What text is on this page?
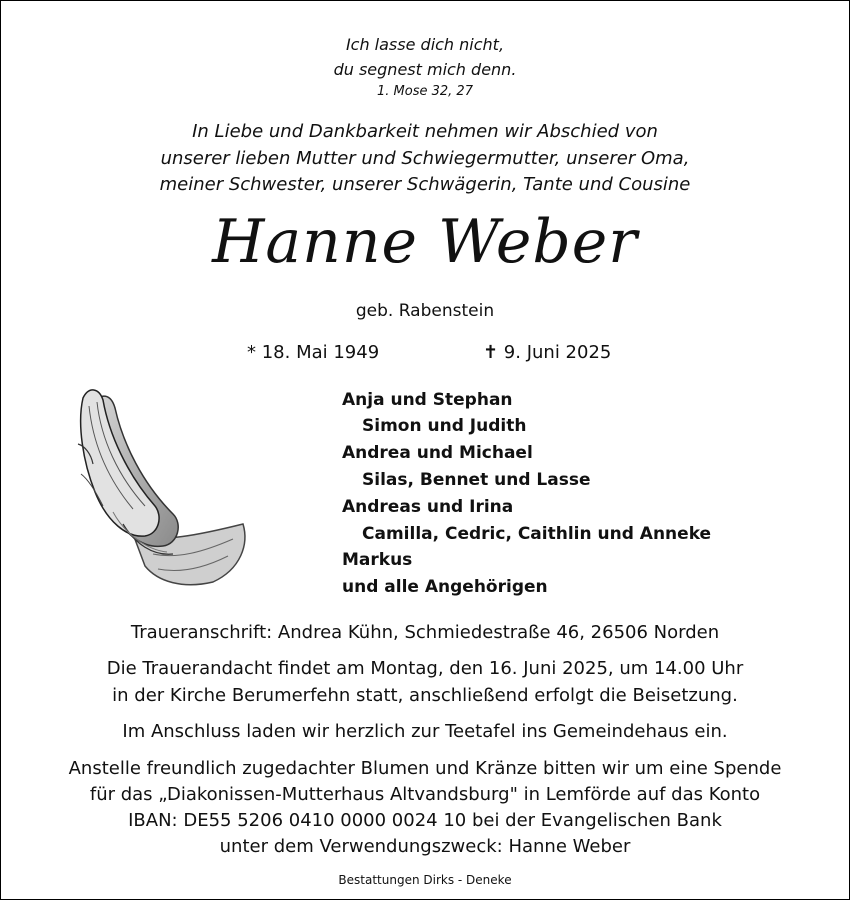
Ich lasse dich nicht,
du segnest mich denn.
1. Mose 32, 27
In Liebe und Dankbarkeit nehmen wir Abschied von
unserer lieben Mutter und Schwiegermutter, unserer Oma,
meiner Schwester, unserer Schwägerin, Tante und Cousine
Hanne Weber
geb. Rabenstein
* 18. Mai 1949	✝ 9. Juni 2025
Anja und Stephan
Simon und Judith
Andrea und Michael
Silas, Bennet und Lasse
Andreas und Irina
Camilla, Cedric, Caithlin und Anneke
Markus
und alle Angehörigen
Traueranschrift: Andrea Kühn, Schmiedestraße 46, 26506 Norden
Die Trauerandacht findet am Montag, den 16. Juni 2025, um 14.00 Uhr
in der Kirche Berumerfehn statt, anschließend erfolgt die Beisetzung.
Im Anschluss laden wir herzlich zur Teetafel ins Gemeindehaus ein.
Anstelle freundlich zugedachter Blumen und Kränze bitten wir um eine Spende
für das „Diakonissen-Mutterhaus Altvandsburg" in Lemförde auf das Konto
IBAN: DE55 5206 0410 0000 0024 10 bei der Evangelischen Bank
unter dem Verwendungszweck: Hanne Weber
Bestattungen Dirks - Deneke
